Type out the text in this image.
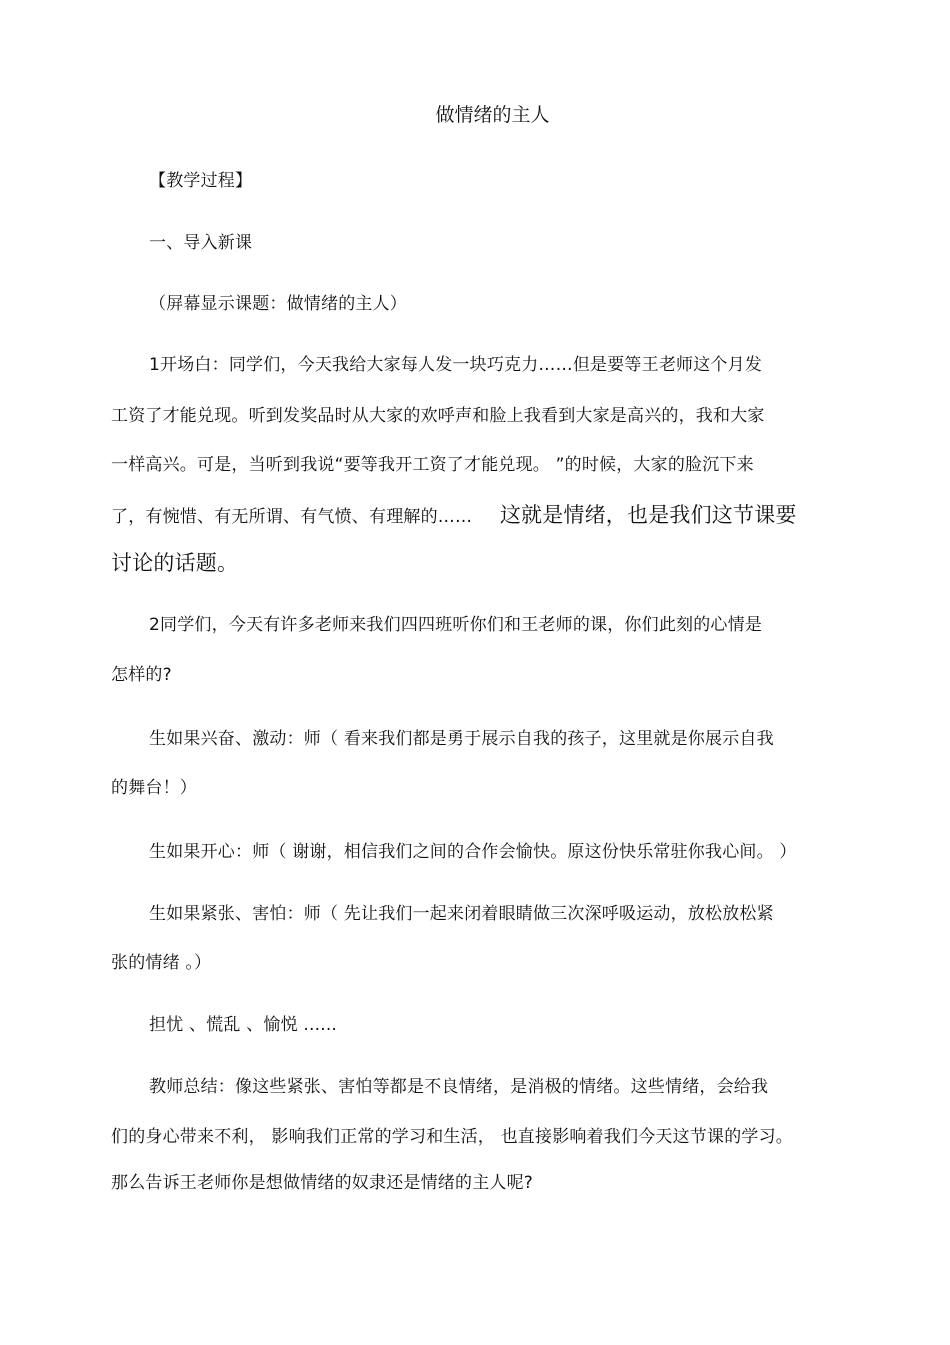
做情绪的主人
【教学过程】
一、导入新课
（屏幕显示课题：做情绪的主人）
1开场白：同学们，今天我给大家每人发一块巧克力……但是要等王老师这个月发
工资了才能兑现。听到发奖品时从大家的欢呼声和脸上我看到大家是高兴的，我和大家
一样高兴。可是，当听到我说“要等我开工资了才能兑现。 ”的时候，大家的脸沉下来
了，有惋惜、有无所谓、有气愤、有理解的…… 这就是情绪，也是我们这节课要
讨论的话题。
2同学们，今天有许多老师来我们四四班听你们和王老师的课，你们此刻的心情是
怎样的?
生如果兴奋、激动：师（ 看来我们都是勇于展示自我的孩子，这里就是你展示自我
的舞台！）
生如果开心：师（ 谢谢，相信我们之间的合作会愉快。原这份快乐常驻你我心间。 ）
生如果紧张、害怕：师（ 先让我们一起来闭着眼睛做三次深呼吸运动，放松放松紧
张的情绪 。）
担忧 、慌乱 、愉悦 ......
教师总结：像这些紧张、害怕等都是不良情绪，是消极的情绪。这些情绪，会给我
们的身心带来不利， 影响我们正常的学习和生活， 也直接影响着我们今天这节课的学习。
那么告诉王老师你是想做情绪的奴隶还是情绪的主人呢?
